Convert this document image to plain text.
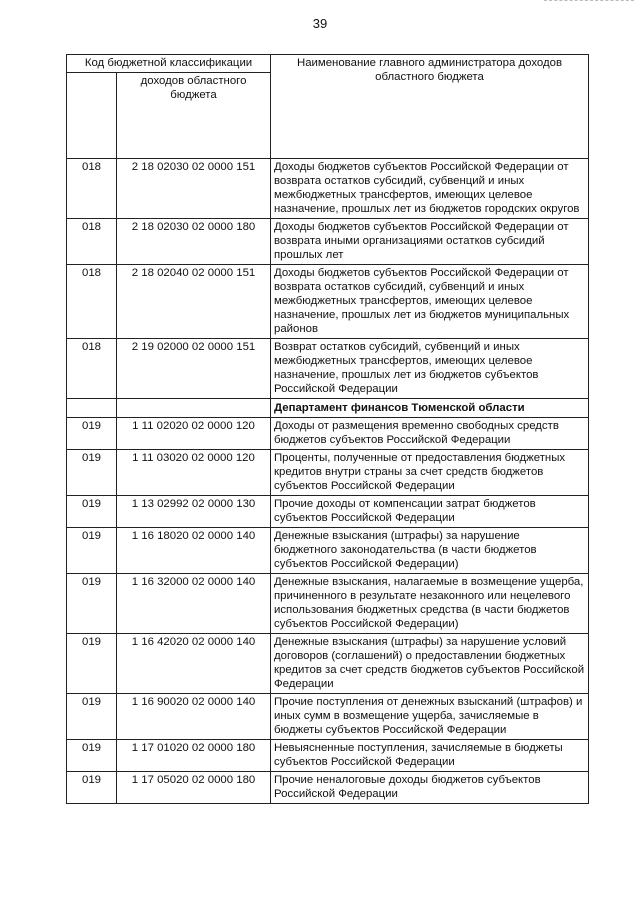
39
Код бюджетной классификации		Наименование главного администратора доходов областного бюджета
	доходов областного бюджета	
018	2 18 02030 02 0000 151	Доходы бюджетов субъектов Российской Федерации от возврата остатков субсидий, субвенций и иных межбюджетных трансфертов, имеющих целевое назначение, прошлых лет из бюджетов городских округов
018	2 18 02030 02 0000 180	Доходы бюджетов субъектов Российской Федерации от возврата иными организациями остатков субсидий прошлых лет
018	2 18 02040 02 0000 151	Доходы бюджетов субъектов Российской Федерации от возврата остатков субсидий, субвенций и иных межбюджетных трансфертов, имеющих целевое назначение, прошлых лет из бюджетов муниципальных районов
018	2 19 02000 02 0000 151	Возврат остатков субсидий, субвенций и иных межбюджетных трансфертов, имеющих целевое назначение, прошлых лет из бюджетов субъектов Российской Федерации
		Департамент финансов Тюменской области
019	1 11 02020 02 0000 120	Доходы от размещения временно свободных средств бюджетов субъектов Российской Федерации
019	1 11 03020 02 0000 120	Проценты, полученные от предоставления бюджетных кредитов внутри страны за счет средств бюджетов субъектов Российской Федерации
019	1 13 02992 02 0000 130	Прочие доходы от компенсации затрат бюджетов субъектов Российской Федерации
019	1 16 18020 02 0000 140	Денежные взыскания (штрафы) за нарушение бюджетного законодательства (в части бюджетов субъектов Российской Федерации)
019	1 16 32000 02 0000 140	Денежные взыскания, налагаемые в возмещение ущерба, причиненного в результате незаконного или нецелевого использования бюджетных средства (в части бюджетов субъектов Российской Федерации)
019	1 16 42020 02 0000 140	Денежные взыскания (штрафы) за нарушение условий договоров (соглашений) о предоставлении бюджетных кредитов за счет средств бюджетов субъектов Российской Федерации
019	1 16 90020 02 0000 140	Прочие поступления от денежных взысканий (штрафов) и иных сумм в возмещение ущерба, зачисляемые в бюджеты субъектов Российской Федерации
019	1 17 01020 02 0000 180	Невыясненные поступления, зачисляемые в бюджеты субъектов Российской Федерации
019	1 17 05020 02 0000 180	Прочие неналоговые доходы бюджетов субъектов Российской Федерации
